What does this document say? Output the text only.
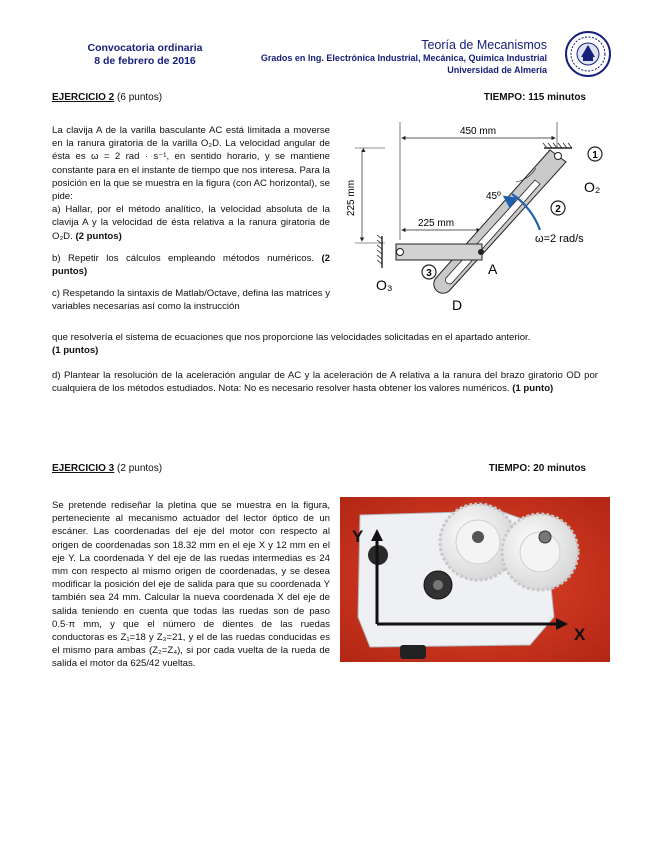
Convocatoria ordinaria
8 de febrero de 2016
Teoría de Mecanismos
Grados en Ing. Electrónica Industrial, Mecánica, Química Industrial
Universidad de Almería
EJERCICIO 2 (6 puntos)	TIEMPO: 115 minutos
La clavija A de la varilla basculante AC está limitada a moverse en la ranura giratoria de la varilla O₂D. La velocidad angular de ésta es ω = 2 rad · s⁻¹, en sentido horario, y se mantiene constante para en el instante de tiempo que nos interesa. Para la posición en la que se muestra en la figura (con AC horizontal), se pide:
a) Hallar, por el método analítico, la velocidad absoluta de la clavija A y la velocidad de ésta relativa a la ranura giratoria de O₂D. (2 puntos)
b) Repetir los cálculos empleando métodos numéricos. (2 puntos)
c) Respetando la sintaxis de Matlab/Octave, defina las matrices y variables necesarias así como la instrucción
que resolvería el sistema de ecuaciones que nos proporcione las velocidades solicitadas en el apartado anterior.
(1 puntos)
d) Plantear la resolución de la aceleración angular de AC y la aceleración de A relativa a la ranura del brazo giratorio OD por cualquiera de los métodos estudiados. Nota: No es necesario resolver hasta obtener los valores numéricos. (1 punto)
450 mm
225 mm
225 mm
45º
ω=2 rad/s
1
O₂
2
3	A
O₃
D
EJERCICIO 3 (2 puntos)	TIEMPO: 20 minutos
Se pretende rediseñar la pletina que se muestra en la figura, perteneciente al mecanismo actuador del lector óptico de un escáner. Las coordenadas del eje del motor con respecto al origen de coordenadas son 18.32 mm en el eje X y 12 mm en el eje Y. La coordenada Y del eje de las ruedas intermedias es 24 mm con respecto al mismo origen de coordenadas, y se desea modificar la posición del eje de salida para que su coordenada Y también sea 24 mm. Calcular la nueva coordenada X del eje de salida teniendo en cuenta que todas las ruedas son de paso 0.5·π mm, y que el número de dientes de las ruedas conductoras es Z₁=18 y Z₃=21, y el de las ruedas conducidas es el mismo para ambas (Z₂=Z₄), si por cada vuelta de la rueda de salida el motor da 625/42 vueltas.
Y
X
